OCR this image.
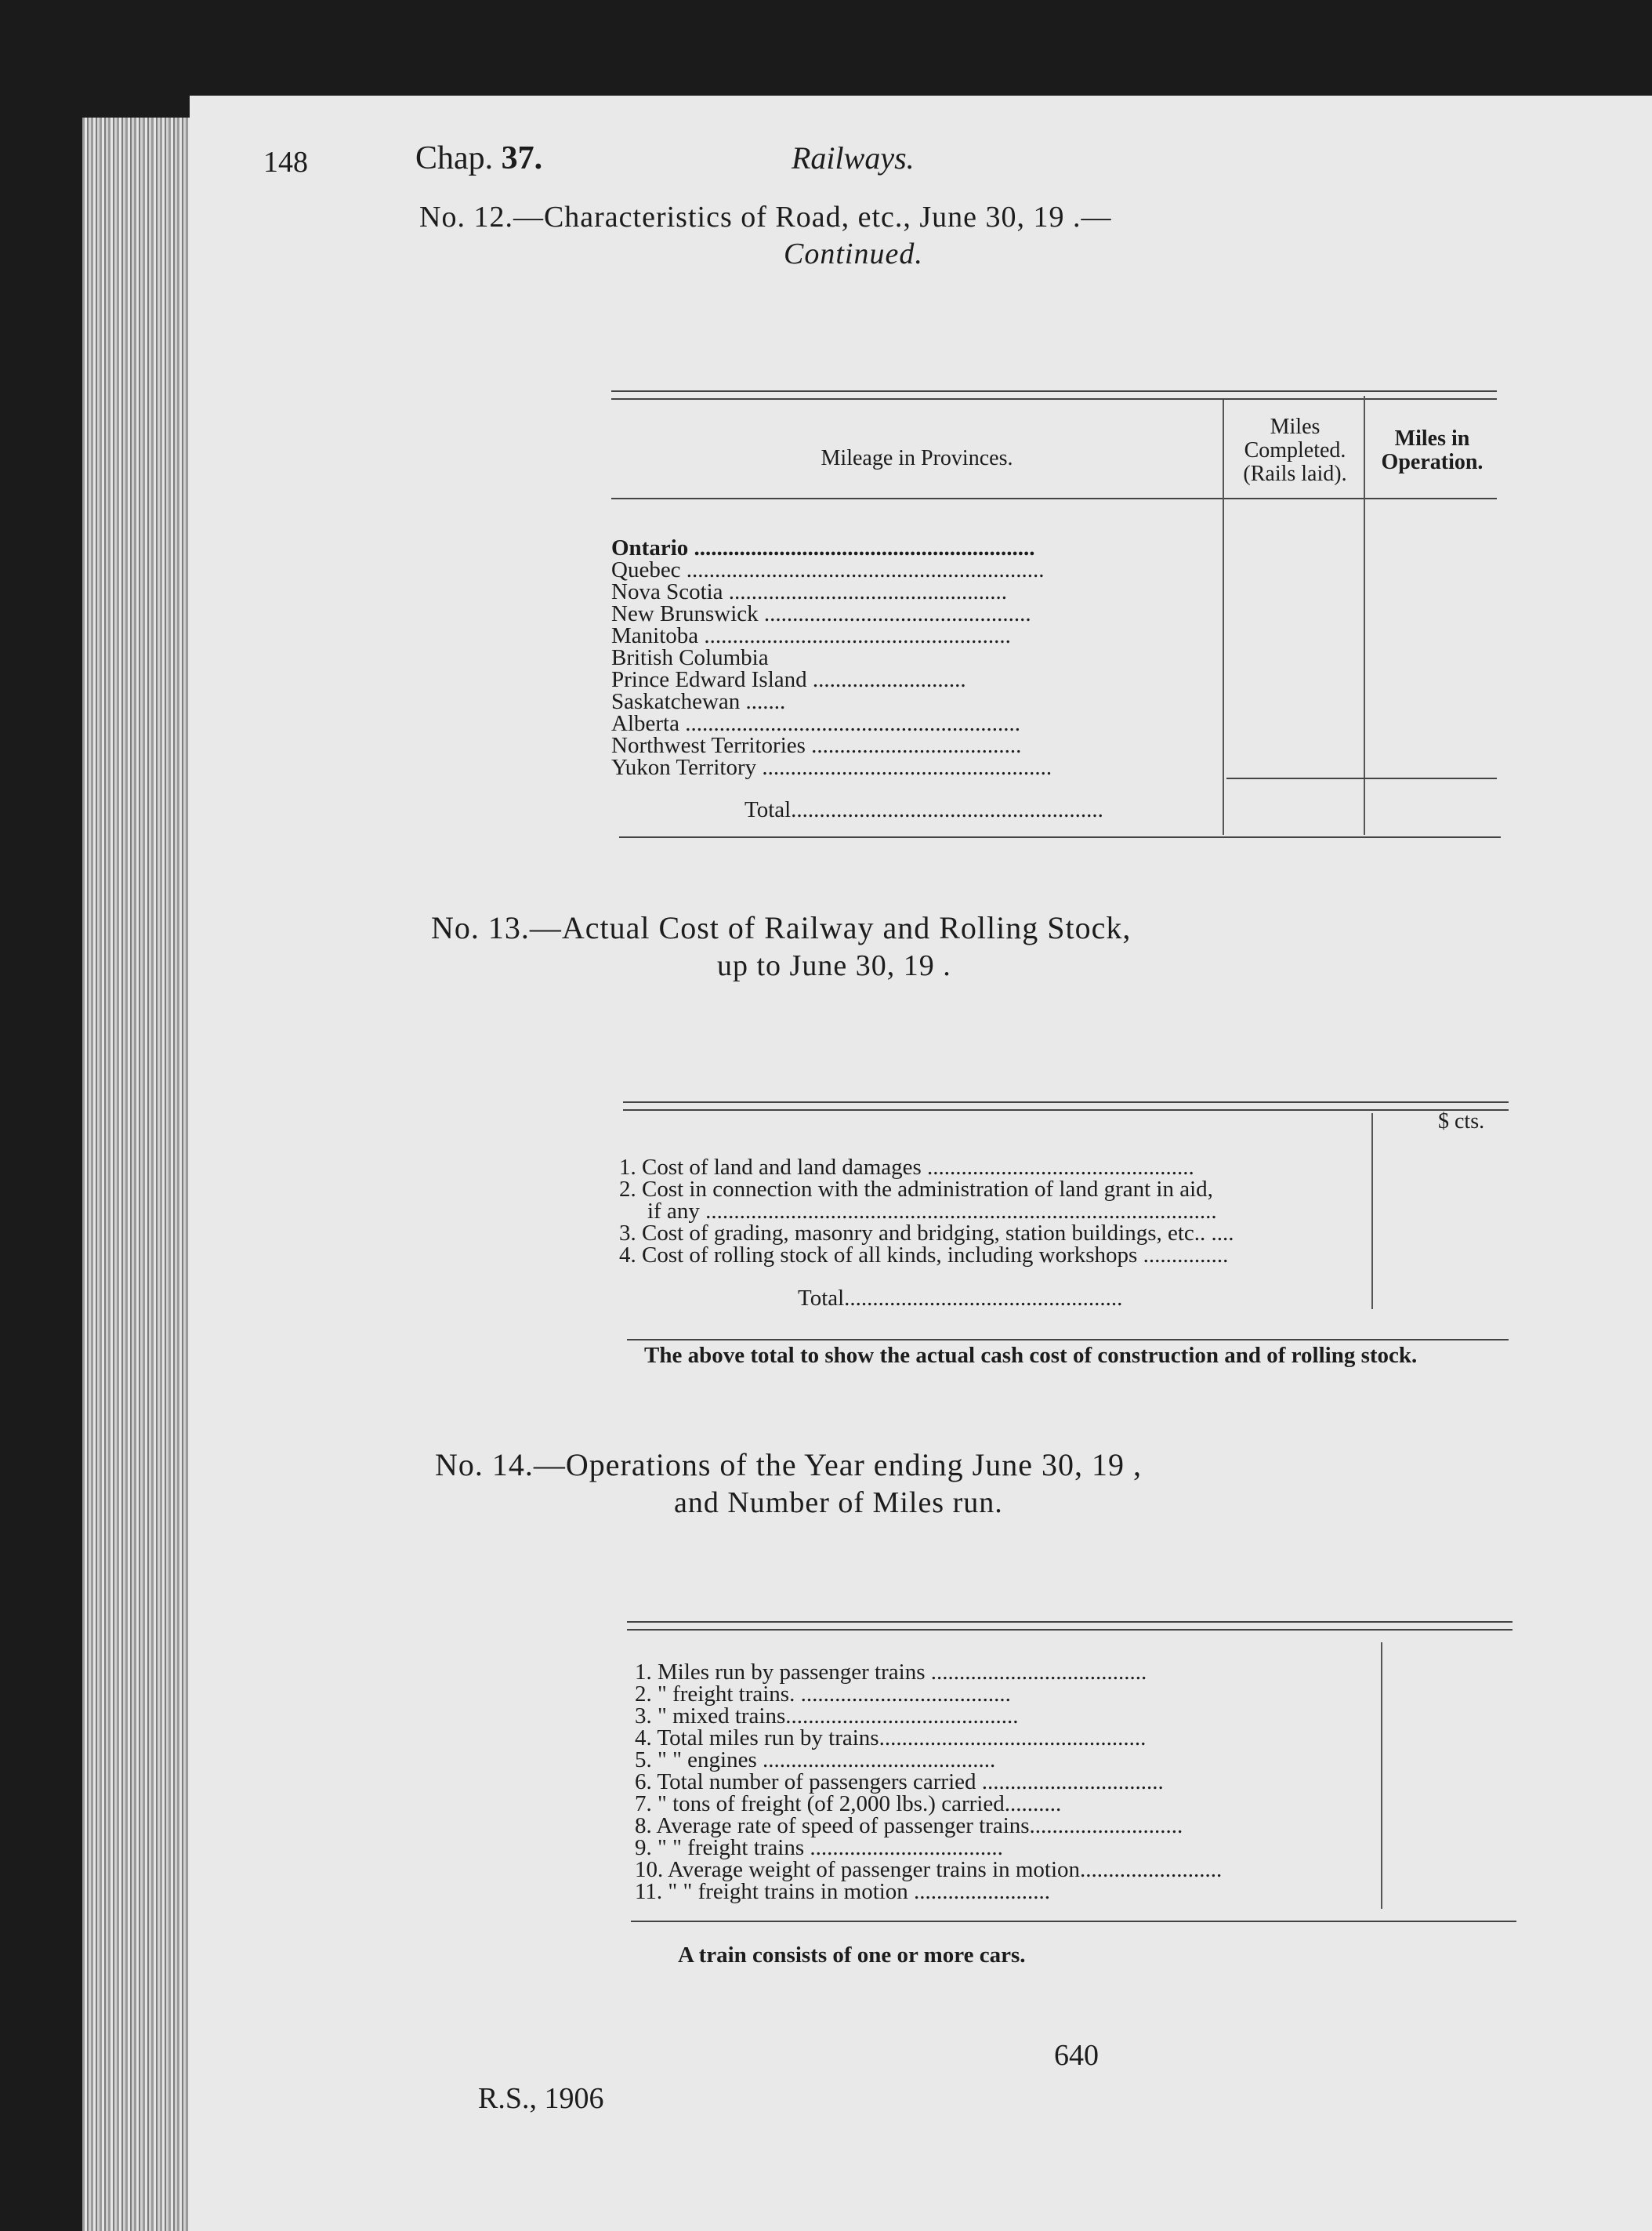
148	Chap. 37.	Railways.
No. 12.—Characteristics of Road, etc., June 30, 19 .—
Continued.
Mileage in Provinces.
Miles Completed. (Rails laid).
Miles in Operation.
Ontario ............................................................
Quebec ...............................................................
Nova Scotia .................................................
New Brunswick ...............................................
Manitoba ......................................................
British Columbia
Prince Edward Island ...........................
Saskatchewan .......
Alberta ...........................................................
Northwest Territories .....................................
Yukon Territory ...................................................
Total.......................................................
No. 13.—Actual Cost of Railway and Rolling Stock,
up to June 30, 19 .
$ cts.
1. Cost of land and land damages ...............................................
2. Cost in connection with the administration of land grant in aid,
if any ..........................................................................................
3. Cost of grading, masonry and bridging, station buildings, etc.. ....
4. Cost of rolling stock of all kinds, including workshops ...............
Total.................................................
The above total to show the actual cash cost of construction and of rolling stock.
No. 14.—Operations of the Year ending June 30, 19 ,
and Number of Miles run.
1. Miles run by passenger trains ......................................
2. " freight trains. .....................................
3. " mixed trains.........................................
4. Total miles run by trains...............................................
5. " " engines .........................................
6. Total number of passengers carried ................................
7. " tons of freight (of 2,000 lbs.) carried..........
8. Average rate of speed of passenger trains...........................
9. " " freight trains ..................................
10. Average weight of passenger trains in motion.........................
11. " " freight trains in motion ........................
A train consists of one or more cars.
640
R.S., 1906
